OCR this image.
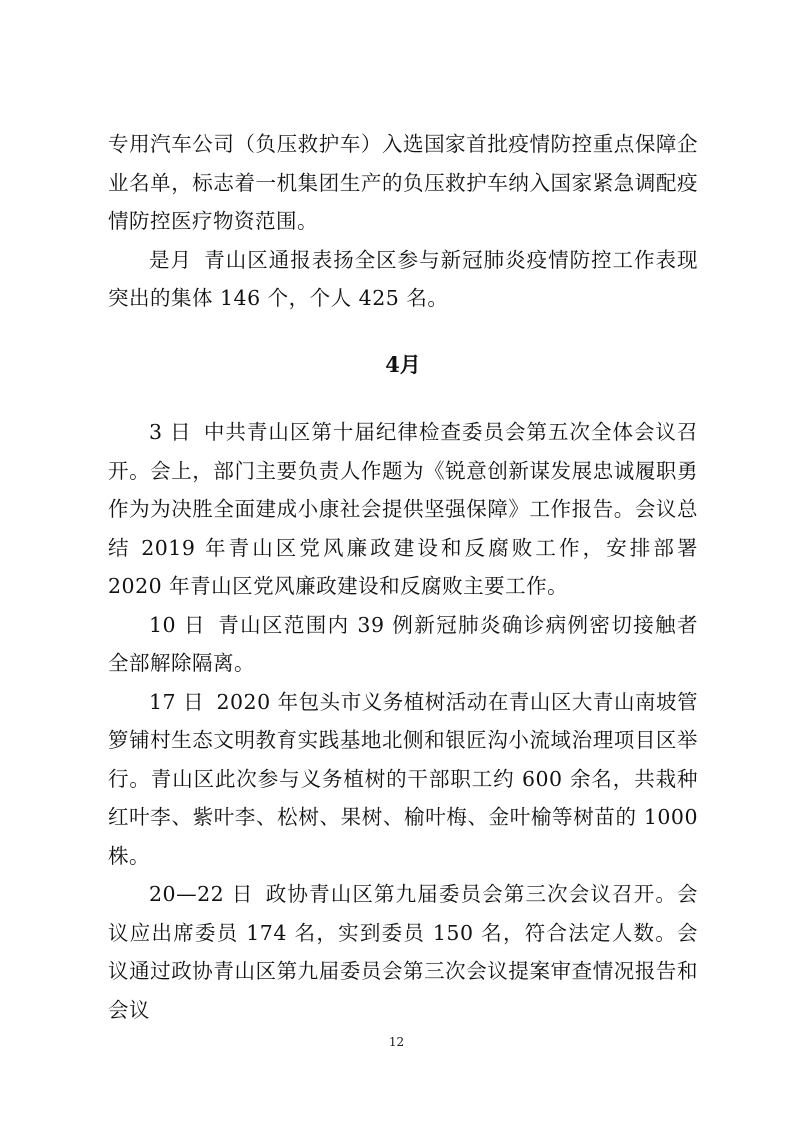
专用汽车公司（负压救护车）入选国家首批疫情防控重点保障企业名单，标志着一机集团生产的负压救护车纳入国家紧急调配疫情防控医疗物资范围。

是月 青山区通报表扬全区参与新冠肺炎疫情防控工作表现突出的集体 146 个，个人 425 名。

4月

3 日 中共青山区第十届纪律检查委员会第五次全体会议召开。会上，部门主要负责人作题为《锐意创新谋发展忠诚履职勇作为为决胜全面建成小康社会提供坚强保障》工作报告。会议总结 2019 年青山区党风廉政建设和反腐败工作，安排部署 2020 年青山区党风廉政建设和反腐败主要工作。

10 日 青山区范围内 39 例新冠肺炎确诊病例密切接触者全部解除隔离。

17 日 2020 年包头市义务植树活动在青山区大青山南坡管箩铺村生态文明教育实践基地北侧和银匠沟小流域治理项目区举行。青山区此次参与义务植树的干部职工约 600 余名，共栽种红叶李、紫叶李、松树、果树、榆叶梅、金叶榆等树苗的 1000 株。

20—22 日 政协青山区第九届委员会第三次会议召开。会议应出席委员 174 名，实到委员 150 名，符合法定人数。会议通过政协青山区第九届委员会第三次会议提案审查情况报告和会议

12
